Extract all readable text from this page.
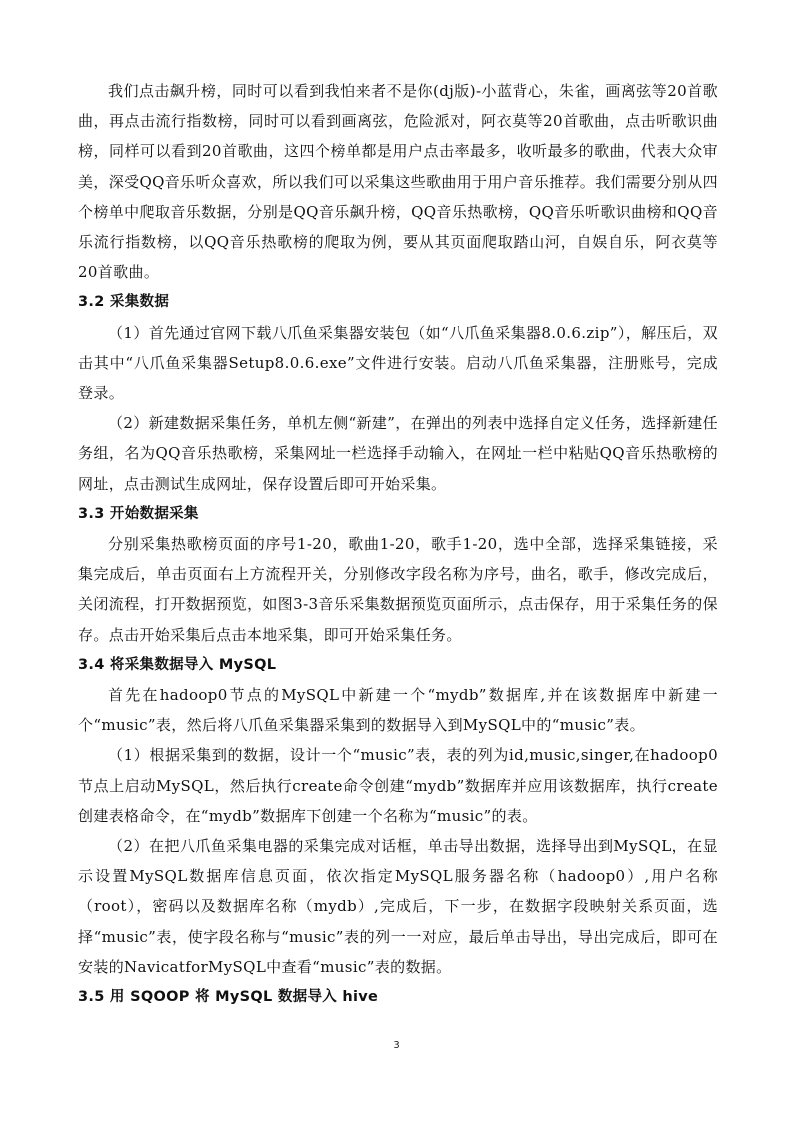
我们点击飙升榜，同时可以看到我怕来者不是你(dj版)-小蓝背心，朱雀，画离弦等20首歌曲，再点击流行指数榜，同时可以看到画离弦，危险派对，阿衣莫等20首歌曲，点击听歌识曲榜，同样可以看到20首歌曲，这四个榜单都是用户点击率最多，收听最多的歌曲，代表大众审美，深受QQ音乐听众喜欢，所以我们可以采集这些歌曲用于用户音乐推荐。我们需要分别从四个榜单中爬取音乐数据，分别是QQ音乐飙升榜，QQ音乐热歌榜，QQ音乐听歌识曲榜和QQ音乐流行指数榜，以QQ音乐热歌榜的爬取为例，要从其页面爬取踏山河，自娱自乐，阿衣莫等20首歌曲。

3.2 采集数据

（1）首先通过官网下载八爪鱼采集器安装包（如“八爪鱼采集器8.0.6.zip”），解压后，双击其中“八爪鱼采集器Setup8.0.6.exe”文件进行安装。启动八爪鱼采集器，注册账号，完成登录。

（2）新建数据采集任务，单机左侧“新建”，在弹出的列表中选择自定义任务，选择新建任务组，名为QQ音乐热歌榜，采集网址一栏选择手动输入，在网址一栏中粘贴QQ音乐热歌榜的网址，点击测试生成网址，保存设置后即可开始采集。

3.3 开始数据采集

分别采集热歌榜页面的序号1-20，歌曲1-20，歌手1-20，选中全部，选择采集链接，采集完成后，单击页面右上方流程开关，分别修改字段名称为序号，曲名，歌手，修改完成后，关闭流程，打开数据预览，如图3-3音乐采集数据预览页面所示，点击保存，用于采集任务的保存。点击开始采集后点击本地采集，即可开始采集任务。

3.4 将采集数据导入 MySQL

首先在hadoop0节点的MySQL中新建一个“mydb”数据库,并在该数据库中新建一个“music”表，然后将八爪鱼采集器采集到的数据导入到MySQL中的“music”表。

（1）根据采集到的数据，设计一个“music”表，表的列为id,music,singer,在hadoop0节点上启动MySQL，然后执行create命令创建“mydb”数据库并应用该数据库，执行create创建表格命令，在“mydb”数据库下创建一个名称为“music”的表。

（2）在把八爪鱼采集电器的采集完成对话框，单击导出数据，选择导出到MySQL，在显示设置MySQL数据库信息页面，依次指定MySQL服务器名称（hadoop0）,用户名称（root），密码以及数据库名称（mydb）,完成后，下一步，在数据字段映射关系页面，选择“music”表，使字段名称与“music”表的列一一对应，最后单击导出，导出完成后，即可在安装的NavicatforMySQL中查看“music”表的数据。

3.5 用 SQOOP 将 MySQL 数据导入 hive

3
